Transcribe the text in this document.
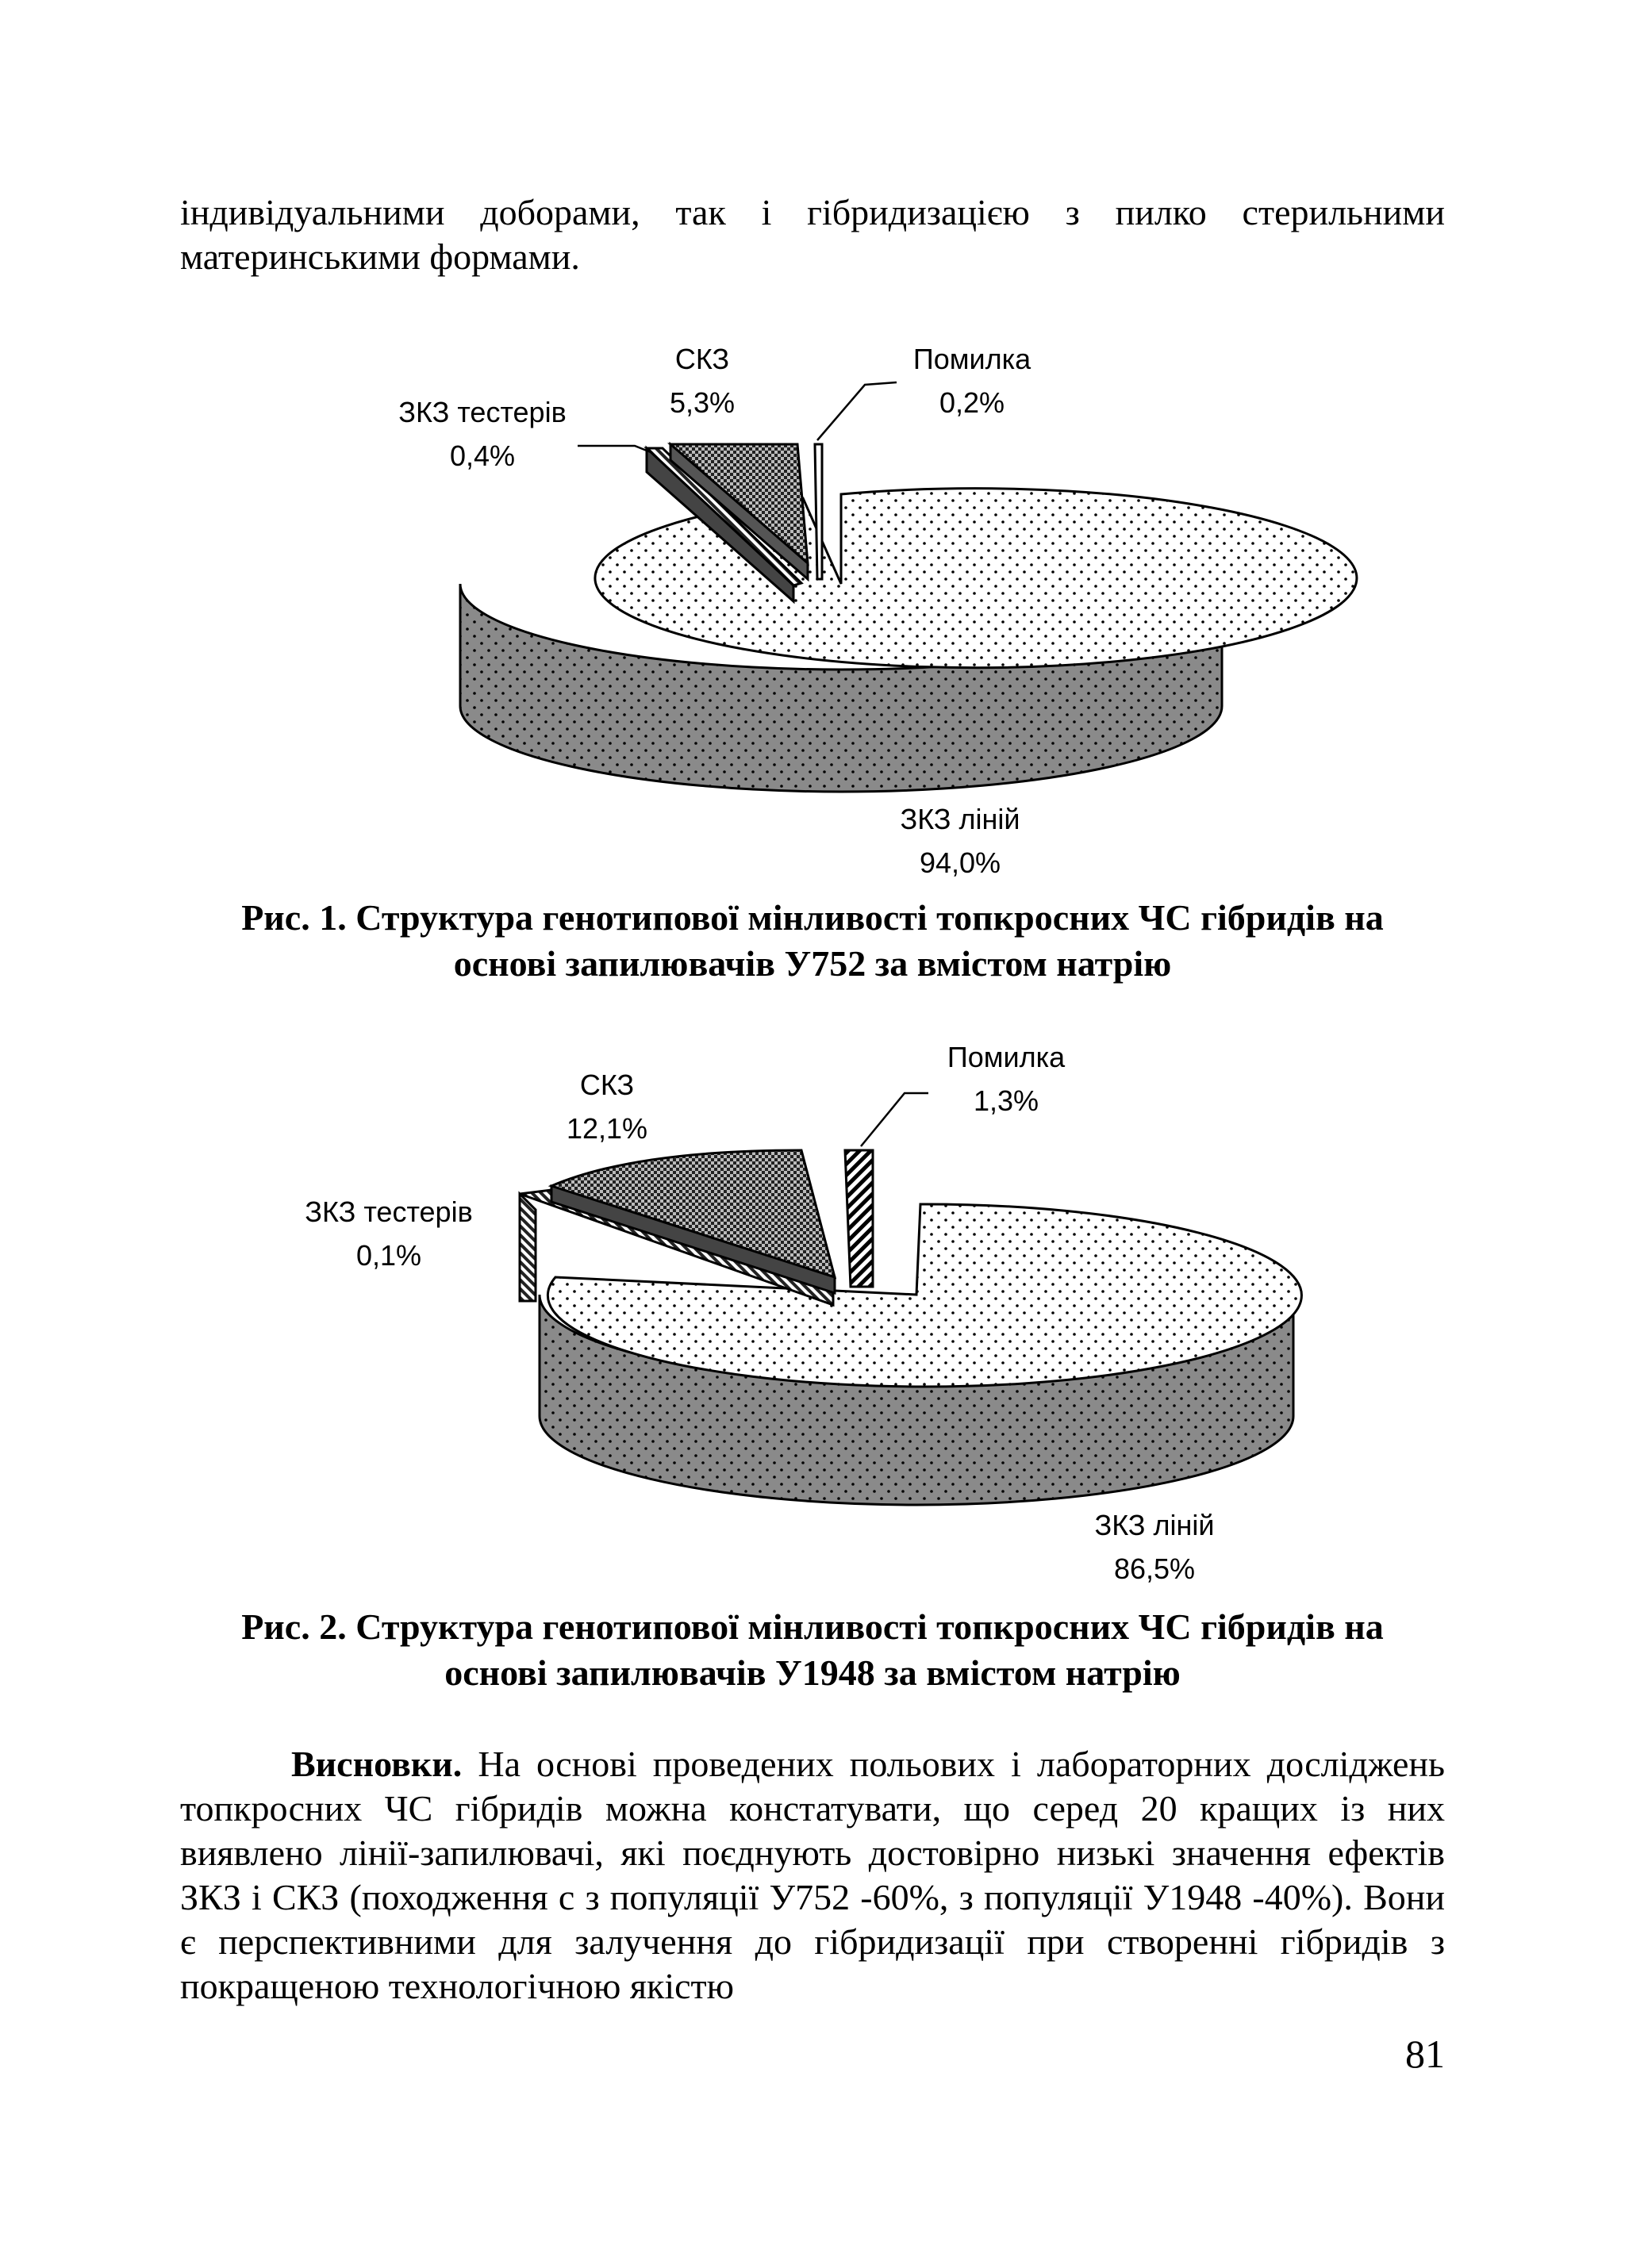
індивідуальними доборами, так і гібридизацією з пилко стерильними материнськими формами.
СКЗ
5,3%
Помилка
0,2%
ЗКЗ тестерів
0,4%
ЗКЗ ліній
94,0%
Рис. 1. Структура генотипової мінливості топкросних ЧС гібридів на
основі запилювачів У752 за вмістом натрію
СКЗ
12,1%
Помилка
1,3%
ЗКЗ тестерів
0,1%
ЗКЗ ліній
86,5%
Рис. 2. Структура генотипової мінливості топкросних ЧС гібридів на
основі запилювачів У1948 за вмістом натрію
Висновки. На основі проведених польових і лабораторних досліджень топкросних ЧС гібридів можна констатувати, що серед 20 кращих із них виявлено лінії-запилювачі, які поєднують достовірно низькі значення ефектів ЗКЗ і СКЗ (походження с з популяції У752 -60%, з популяції У1948 -40%). Вони є перспективними для залучення до гібридизації при створенні гібридів з покращеною технологічною якістю
81
